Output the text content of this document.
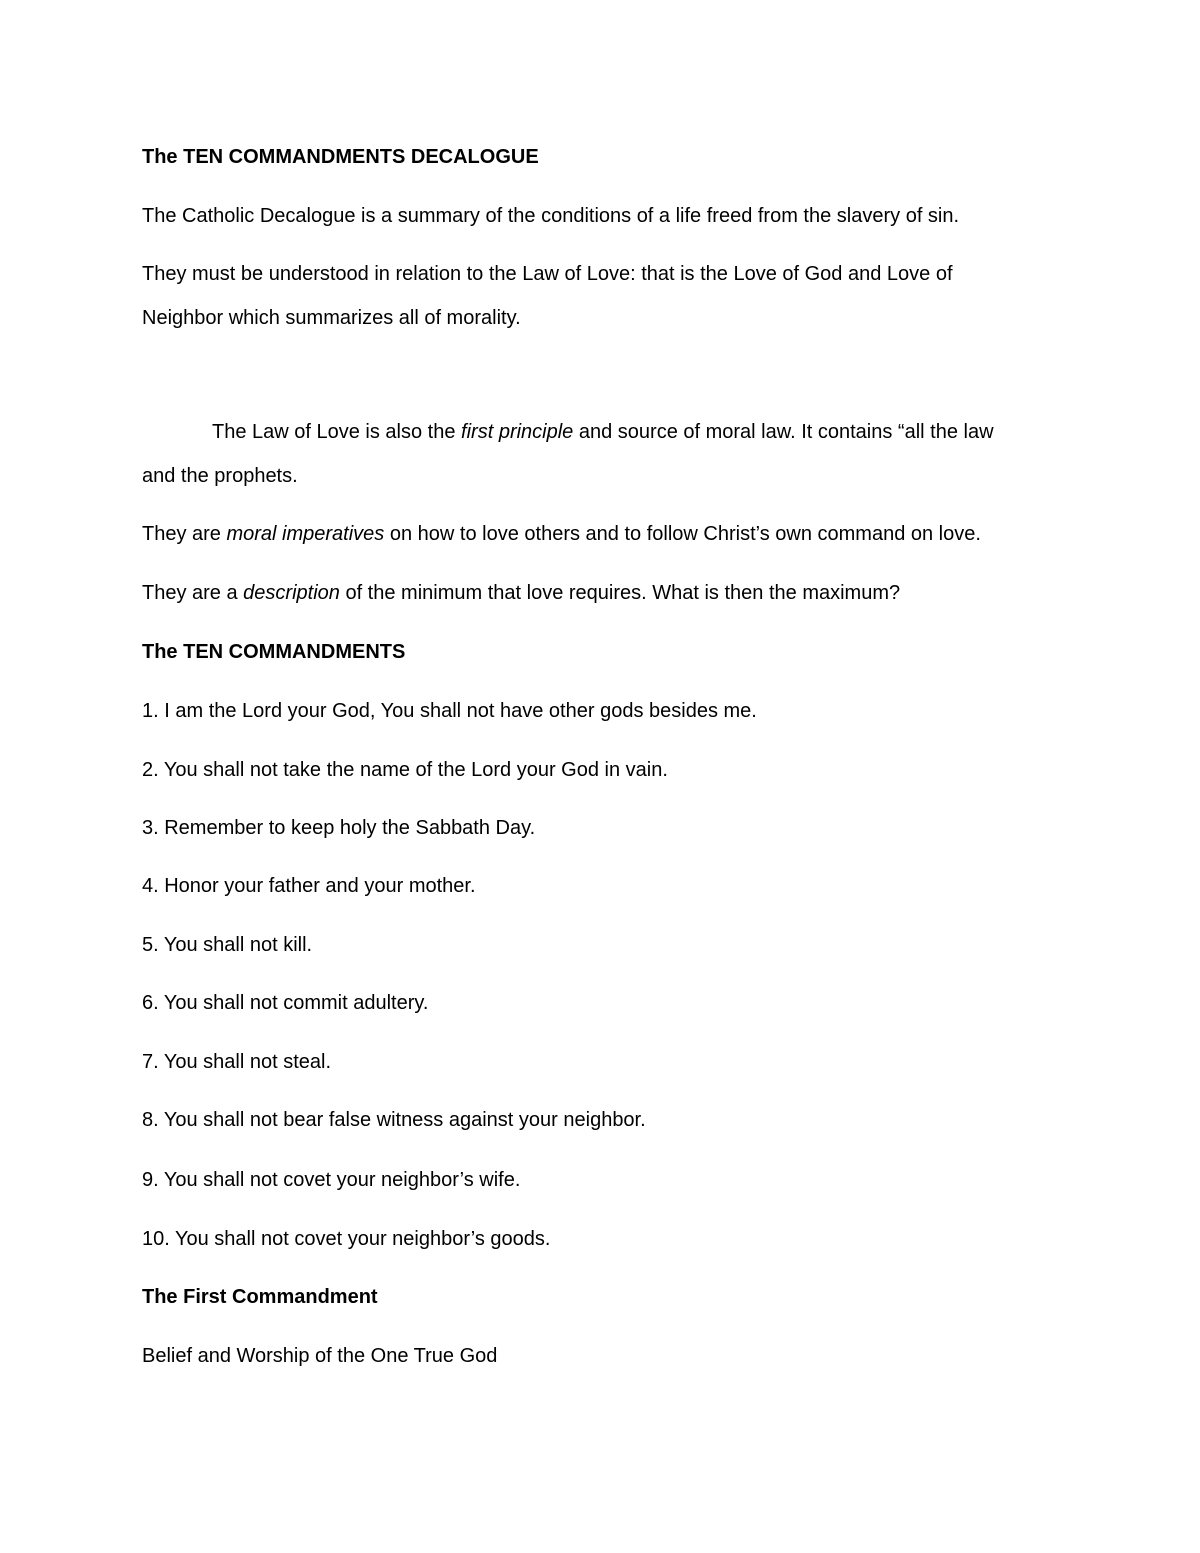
The TEN COMMANDMENTS DECALOGUE
The Catholic Decalogue is a summary of the conditions of a life freed from the slavery of sin.
They must be understood in relation to the Law of Love: that is the Love of God and Love of
Neighbor which summarizes all of morality.
The Law of Love is also the first principle and source of moral law. It contains “all the law
and the prophets.
They are moral imperatives on how to love others and to follow Christ’s own command on love.
They are a description of the minimum that love requires. What is then the maximum?
The TEN COMMANDMENTS
1. I am the Lord your God, You shall not have other gods besides me.
2. You shall not take the name of the Lord your God in vain.
3. Remember to keep holy the Sabbath Day.
4. Honor your father and your mother.
5. You shall not kill.
6. You shall not commit adultery.
7. You shall not steal.
8. You shall not bear false witness against your neighbor.
9. You shall not covet your neighbor’s wife.
10. You shall not covet your neighbor’s goods.
The First Commandment
Belief and Worship of the One True God
